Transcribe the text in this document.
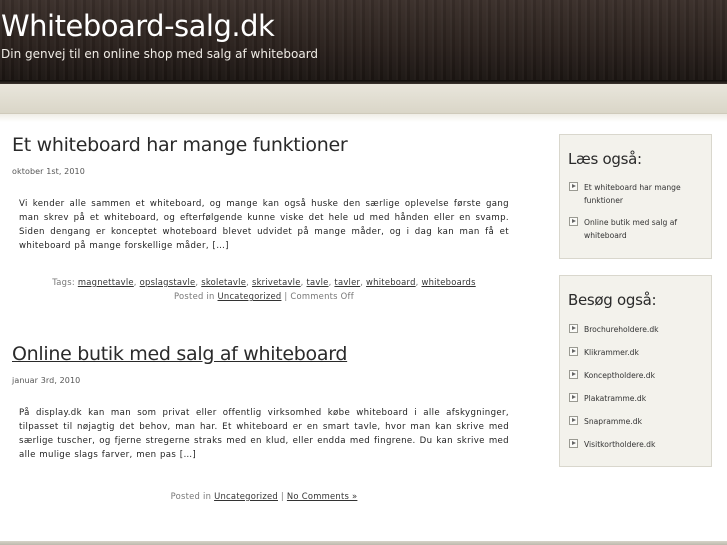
Whiteboard-salg.dk

Din genvej til en online shop med salg af whiteboard

Et whiteboard har mange funktioner

oktober 1st, 2010

Vi kender alle sammen et whiteboard, og mange kan også huske den særlige oplevelse første gang man skrev på et whiteboard, og efterfølgende kunne viske det hele ud med hånden eller en svamp. Siden dengang er konceptet whoteboard blevet udvidet på mange måder, og i dag kan man få et whiteboard på mange forskellige måder, […]

Tags: magnettavle, opslagstavle, skoletavle, skrivetavle, tavle, tavler, whiteboard, whiteboards
Posted in Uncategorized | Comments Off
Online butik med salg af whiteboard

januar 3rd, 2010

På display.dk kan man som privat eller offentlig virksomhed købe whiteboard i alle afskygninger, tilpasset til nøjagtig det behov, man har. Et whiteboard er en smart tavle, hvor man kan skrive med særlige tuscher, og fjerne stregerne straks med en klud, eller endda med fingrene. Du kan skrive med alle mulige slags farver, men pas […]

Posted in Uncategorized | No Comments »
Læs også:
Et whiteboard har mange funktioner
Online butik med salg af whiteboard
Besøg også:
Brochureholdere.dk
Klikrammer.dk
Konceptholdere.dk
Plakatramme.dk
Snapramme.dk
Visitkortholdere.dk
